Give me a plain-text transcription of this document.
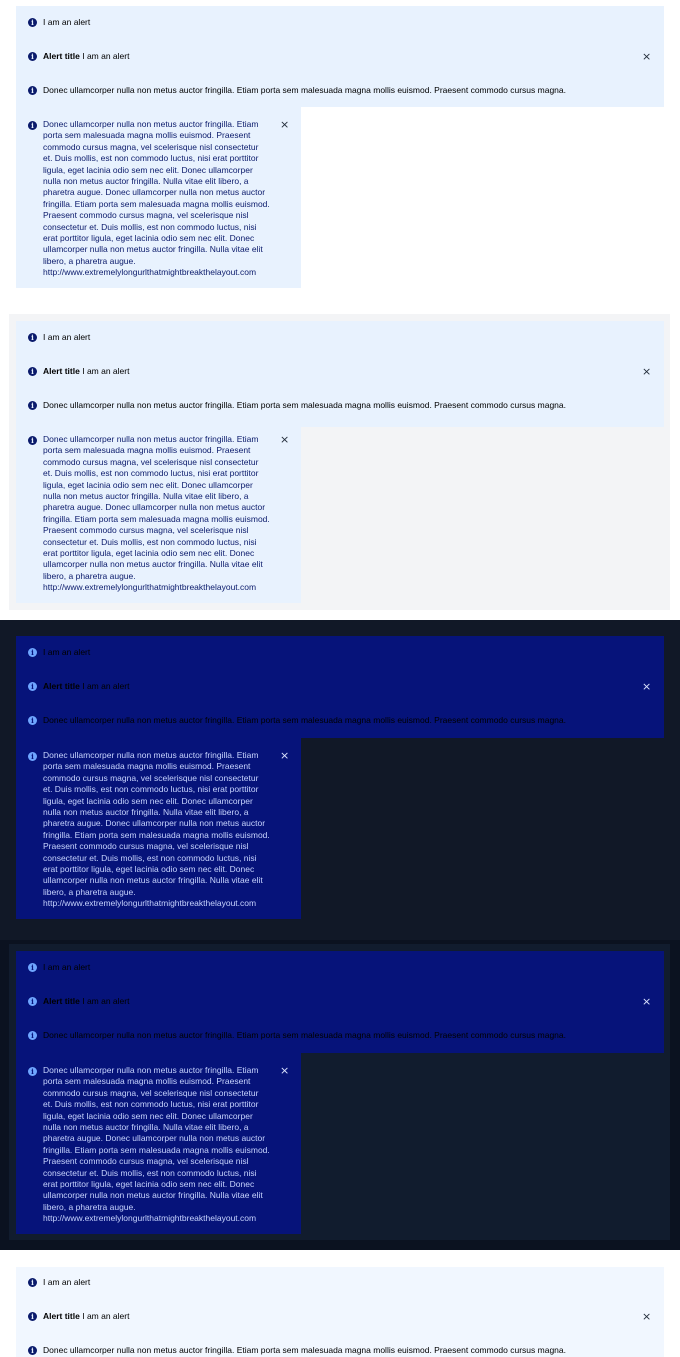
i	I am an alert
i	Alert title I am an alert	×
i	Donec ullamcorper nulla non metus auctor fringilla. Etiam porta sem malesuada magna mollis euismod. Praesent commodo cursus magna.
i	Donec ullamcorper nulla non metus auctor fringilla. Etiam
porta sem malesuada magna mollis euismod. Praesent
commodo cursus magna, vel scelerisque nisl consectetur
et. Duis mollis, est non commodo luctus, nisi erat porttitor
ligula, eget lacinia odio sem nec elit. Donec ullamcorper
nulla non metus auctor fringilla. Nulla vitae elit libero, a
pharetra augue. Donec ullamcorper nulla non metus auctor
fringilla. Etiam porta sem malesuada magna mollis euismod.
Praesent commodo cursus magna, vel scelerisque nisl
consectetur et. Duis mollis, est non commodo luctus, nisi
erat porttitor ligula, eget lacinia odio sem nec elit. Donec
ullamcorper nulla non metus auctor fringilla. Nulla vitae elit
libero, a pharetra augue.
http://www.extremelylongurlthatmightbreakthelayout.com
×
i	I am an alert
i	Alert title I am an alert	×
i	Donec ullamcorper nulla non metus auctor fringilla. Etiam porta sem malesuada magna mollis euismod. Praesent commodo cursus magna.
i	Donec ullamcorper nulla non metus auctor fringilla. Etiam
porta sem malesuada magna mollis euismod. Praesent
commodo cursus magna, vel scelerisque nisl consectetur
et. Duis mollis, est non commodo luctus, nisi erat porttitor
ligula, eget lacinia odio sem nec elit. Donec ullamcorper
nulla non metus auctor fringilla. Nulla vitae elit libero, a
pharetra augue. Donec ullamcorper nulla non metus auctor
fringilla. Etiam porta sem malesuada magna mollis euismod.
Praesent commodo cursus magna, vel scelerisque nisl
consectetur et. Duis mollis, est non commodo luctus, nisi
erat porttitor ligula, eget lacinia odio sem nec elit. Donec
ullamcorper nulla non metus auctor fringilla. Nulla vitae elit
libero, a pharetra augue.
http://www.extremelylongurlthatmightbreakthelayout.com
×
i	I am an alert
i	Alert title I am an alert	×
i	Donec ullamcorper nulla non metus auctor fringilla. Etiam porta sem malesuada magna mollis euismod. Praesent commodo cursus magna.
i	Donec ullamcorper nulla non metus auctor fringilla. Etiam
porta sem malesuada magna mollis euismod. Praesent
commodo cursus magna, vel scelerisque nisl consectetur
et. Duis mollis, est non commodo luctus, nisi erat porttitor
ligula, eget lacinia odio sem nec elit. Donec ullamcorper
nulla non metus auctor fringilla. Nulla vitae elit libero, a
pharetra augue. Donec ullamcorper nulla non metus auctor
fringilla. Etiam porta sem malesuada magna mollis euismod.
Praesent commodo cursus magna, vel scelerisque nisl
consectetur et. Duis mollis, est non commodo luctus, nisi
erat porttitor ligula, eget lacinia odio sem nec elit. Donec
ullamcorper nulla non metus auctor fringilla. Nulla vitae elit
libero, a pharetra augue.
http://www.extremelylongurlthatmightbreakthelayout.com
×
i	I am an alert
i	Alert title I am an alert	×
i	Donec ullamcorper nulla non metus auctor fringilla. Etiam porta sem malesuada magna mollis euismod. Praesent commodo cursus magna.
i	Donec ullamcorper nulla non metus auctor fringilla. Etiam
porta sem malesuada magna mollis euismod. Praesent
commodo cursus magna, vel scelerisque nisl consectetur
et. Duis mollis, est non commodo luctus, nisi erat porttitor
ligula, eget lacinia odio sem nec elit. Donec ullamcorper
nulla non metus auctor fringilla. Nulla vitae elit libero, a
pharetra augue. Donec ullamcorper nulla non metus auctor
fringilla. Etiam porta sem malesuada magna mollis euismod.
Praesent commodo cursus magna, vel scelerisque nisl
consectetur et. Duis mollis, est non commodo luctus, nisi
erat porttitor ligula, eget lacinia odio sem nec elit. Donec
ullamcorper nulla non metus auctor fringilla. Nulla vitae elit
libero, a pharetra augue.
http://www.extremelylongurlthatmightbreakthelayout.com
×
i	I am an alert
i	Alert title I am an alert	×
i	Donec ullamcorper nulla non metus auctor fringilla. Etiam porta sem malesuada magna mollis euismod. Praesent commodo cursus magna.
